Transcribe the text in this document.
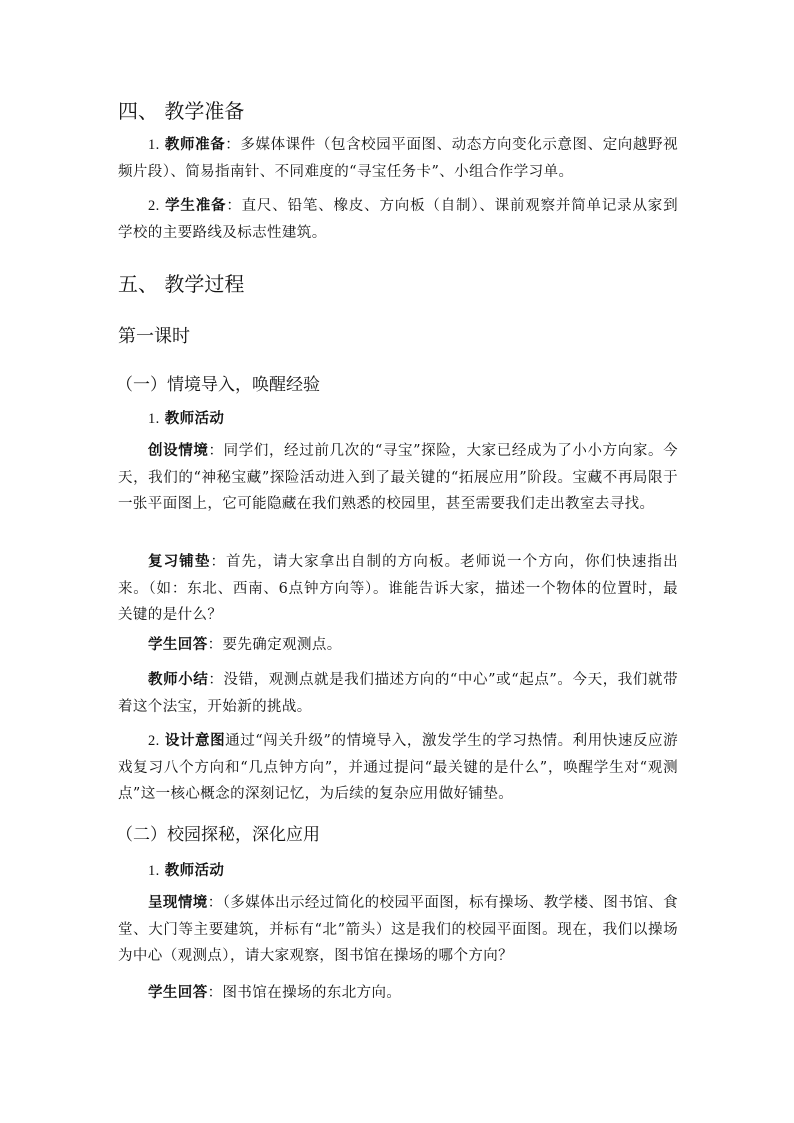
四、 教学准备

1. 教师准备：多媒体课件（包含校园平面图、动态方向变化示意图、定向越野视频片段）、简易指南针、不同难度的“寻宝任务卡”、小组合作学习单。

2. 学生准备：直尺、铅笔、橡皮、方向板（自制）、课前观察并简单记录从家到学校的主要路线及标志性建筑。

五、 教学过程
第一课时
（一）情境导入，唤醒经验

1. 教师活动

创设情境：同学们，经过前几次的“寻宝”探险，大家已经成为了小小方向家。今天，我们的“神秘宝藏”探险活动进入到了最关键的“拓展应用”阶段。宝藏不再局限于一张平面图上，它可能隐藏在我们熟悉的校园里，甚至需要我们走出教室去寻找。

复习铺垫：首先，请大家拿出自制的方向板。老师说一个方向，你们快速指出来。（如：东北、西南、6点钟方向等）。谁能告诉大家，描述一个物体的位置时，最关键的是什么？

学生回答：要先确定观测点。

教师小结：没错，观测点就是我们描述方向的“中心”或“起点”。今天，我们就带着这个法宝，开始新的挑战。

2. 设计意图通过“闯关升级”的情境导入，激发学生的学习热情。利用快速反应游戏复习八个方向和“几点钟方向”，并通过提问“最关键的是什么”，唤醒学生对“观测点”这一核心概念的深刻记忆，为后续的复杂应用做好铺垫。

（二）校园探秘，深化应用

1. 教师活动

呈现情境：（多媒体出示经过简化的校园平面图，标有操场、教学楼、图书馆、食堂、大门等主要建筑，并标有“北”箭头）这是我们的校园平面图。现在，我们以操场为中心（观测点），请大家观察，图书馆在操场的哪个方向？

学生回答：图书馆在操场的东北方向。
